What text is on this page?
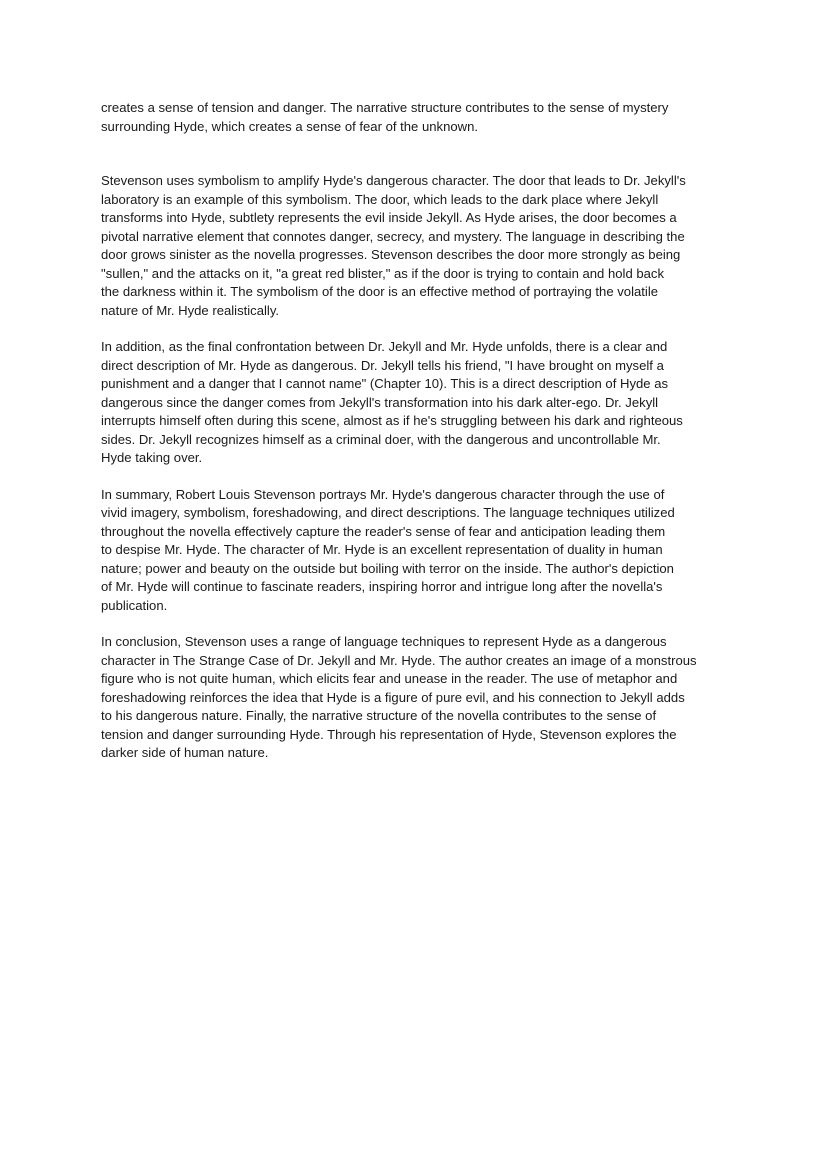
creates a sense of tension and danger. The narrative structure contributes to the sense of mystery
surrounding Hyde, which creates a sense of fear of the unknown.

Stevenson uses symbolism to amplify Hyde's dangerous character. The door that leads to Dr. Jekyll's
laboratory is an example of this symbolism. The door, which leads to the dark place where Jekyll
transforms into Hyde, subtlety represents the evil inside Jekyll. As Hyde arises, the door becomes a
pivotal narrative element that connotes danger, secrecy, and mystery. The language in describing the
door grows sinister as the novella progresses. Stevenson describes the door more strongly as being
"sullen," and the attacks on it, "a great red blister," as if the door is trying to contain and hold back
the darkness within it. The symbolism of the door is an effective method of portraying the volatile
nature of Mr. Hyde realistically.

In addition, as the final confrontation between Dr. Jekyll and Mr. Hyde unfolds, there is a clear and
direct description of Mr. Hyde as dangerous. Dr. Jekyll tells his friend, "I have brought on myself a
punishment and a danger that I cannot name" (Chapter 10). This is a direct description of Hyde as
dangerous since the danger comes from Jekyll's transformation into his dark alter-ego. Dr. Jekyll
interrupts himself often during this scene, almost as if he's struggling between his dark and righteous
sides. Dr. Jekyll recognizes himself as a criminal doer, with the dangerous and uncontrollable Mr.
Hyde taking over.

In summary, Robert Louis Stevenson portrays Mr. Hyde's dangerous character through the use of
vivid imagery, symbolism, foreshadowing, and direct descriptions. The language techniques utilized
throughout the novella effectively capture the reader's sense of fear and anticipation leading them
to despise Mr. Hyde. The character of Mr. Hyde is an excellent representation of duality in human
nature; power and beauty on the outside but boiling with terror on the inside. The author's depiction
of Mr. Hyde will continue to fascinate readers, inspiring horror and intrigue long after the novella's
publication.

In conclusion, Stevenson uses a range of language techniques to represent Hyde as a dangerous
character in The Strange Case of Dr. Jekyll and Mr. Hyde. The author creates an image of a monstrous
figure who is not quite human, which elicits fear and unease in the reader. The use of metaphor and
foreshadowing reinforces the idea that Hyde is a figure of pure evil, and his connection to Jekyll adds
to his dangerous nature. Finally, the narrative structure of the novella contributes to the sense of
tension and danger surrounding Hyde. Through his representation of Hyde, Stevenson explores the
darker side of human nature.
